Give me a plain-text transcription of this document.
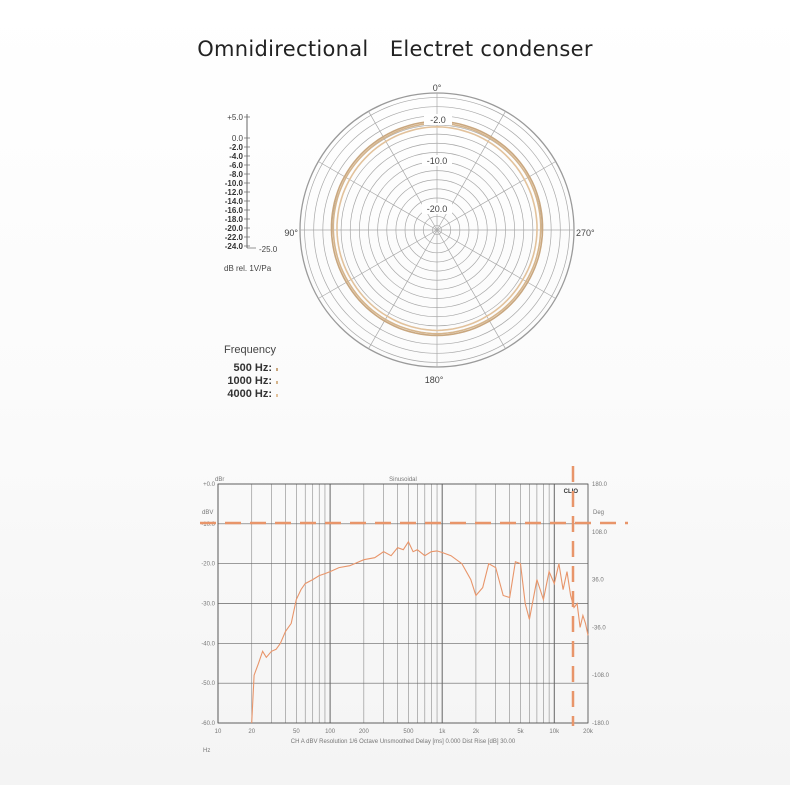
Omnidirectional　Electret condenser
-2.0
-10.0
-20.0
0°
90°
180°
270°
+5.0
0.0
-2.0
-4.0
-6.0
-8.0
-10.0
-12.0
-14.0
-16.0
-18.0
-20.0
-22.0
-24.0 -25.0
dB rel. 1V/Pa
Frequency
500 Hz:
1000 Hz:
4000 Hz:
+0.0
-10.0
-20.0
-30.0
-40.0
-50.0
-60.0
180.0
108.0
36.0
-36.0
-108.0
-180.0
10	20	50	100	200	500	1k	2k	5k	10k	20k
dBr	Sinusoidal
CLIO
dBV	Deg
CH A dBV Resolution 1/6 Octave Unsmoothed Delay [ms] 0.000 Dist Rise [dB] 30.00
Hz
